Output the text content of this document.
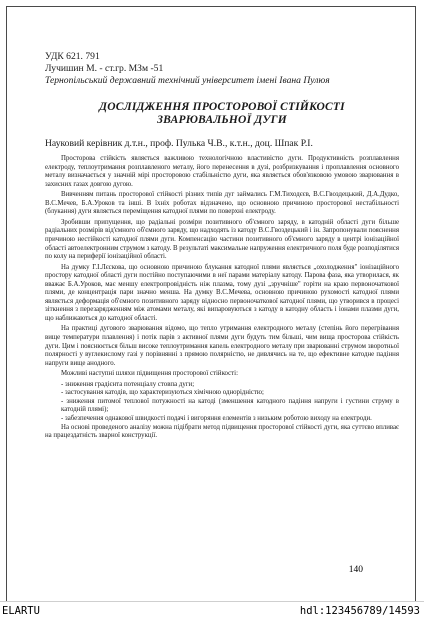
УДК 621. 791
Лучишин М. - ст.гр. МЗм -51
Тернопільський державний технічний університет імені Івана Пулюя
ДОСЛІДЖЕННЯ ПРОСТОРОВОЇ СТІЙКОСТІ
ЗВАРЮВАЛЬНОЇ ДУГИ
Науковий керівник д.т.н., проф. Пулька Ч.В., к.т.н., доц. Шпак Р.І.

Просторова стійкість являється важливою технологічною властивістю дуги. Продуктивність розплавлення електроду, теплоутримання розплавленого металу, його перенесення в дузі, розбризкування і проплавлення основного металу визначається у значній мірі просторовою стабільністю дуги, яка являється обов'язковою умовою зварювання в захисних газах довгою дугою.

Вивченням питань просторової стійкості різних типів дуг займались Г.М.Тиходєєв, В.С.Гвоздецький, Д.А.Дудко, В.С.Мечев, Б.А.Уроков та інші. В їхніх роботах відзначено, що основною причиною просторової нестабільності (блукання) дуги являється переміщення катодної плями по поверхні електроду.

Зробивши припущення, що радіальні розміри позитивного об'ємного заряду, в катодній області дуги більше радіальних розмірів від'ємного об'ємного заряду, що надходять із катоду В.С.Гвоздецький і ін. Запропонували пояснення причиною нестійкості катодної плями дуги. Компенсацію частини позитивного об'ємного заряду в центрі іонізаційної області автоелектронним струмом з катоду. В результаті максимальне напруження електричного поля буде розподілятися по колу на периферії іонізаційної області.

На думку Г.І.Лєскова, що основною причиною блукання катодної плями являється „охолодження" іонізаційного простору катодної області дуги постійно поступаючими в неї парами матеріалу катоду. Парова фаза, яка утворилася, як вважає Б.А.Уроков, має меншу електропровідність ніж плазма, тому дузі „зручніше" горіти на краю первоночаткової плями, де концентрація пари значно менша. На думку В.С.Мечева, основною причиною рухомості катодної плями являється деформація об'ємного позитивного заряду відносно первоночаткової катодної плями, що утворився в процесі зіткнення з перезарядженням між атомами металу, які випаровуються з катоду в катодну область і іонами плазми дуги, що наближаються до катодної області.

На практиці дугового зварювання відомо, що тепло утримання електродного металу (степінь його перегрівання вище температури плавлення) і потік парів з активної плями дуги будуть тим більші, чим вища просторова стійкість дуги. Цим і пояснюється більш високе теплоутримання капель електродного металу при зварюванні струмом зворотньої полярності у вуглекислому газі у порівнянні з прямою полярністю, не дивлячись на те, що ефективне катодне падіння напруги вище анодного.

Можливі наступні шляхи підвищення просторової стійкості:

- зниження градієнта потенціалу стовпа дуги;

- застосування катодів, що характеризуються хімічною однорідністю;

- зниження питомої теплової потужності на катоді (зменшення катодного падіння напруги і густини струму в катодній плямі);

- забезпечення однакової швидкості подачі і вигоряння елементів з низьким роботою виходу на електроди.

На основі проведеного аналізу можна підібрати метод підвищення просторової стійкості дуги, яка суттєво впливає на працездатність зварної конструкції.

140
ELARTU	hdl:123456789/14593
